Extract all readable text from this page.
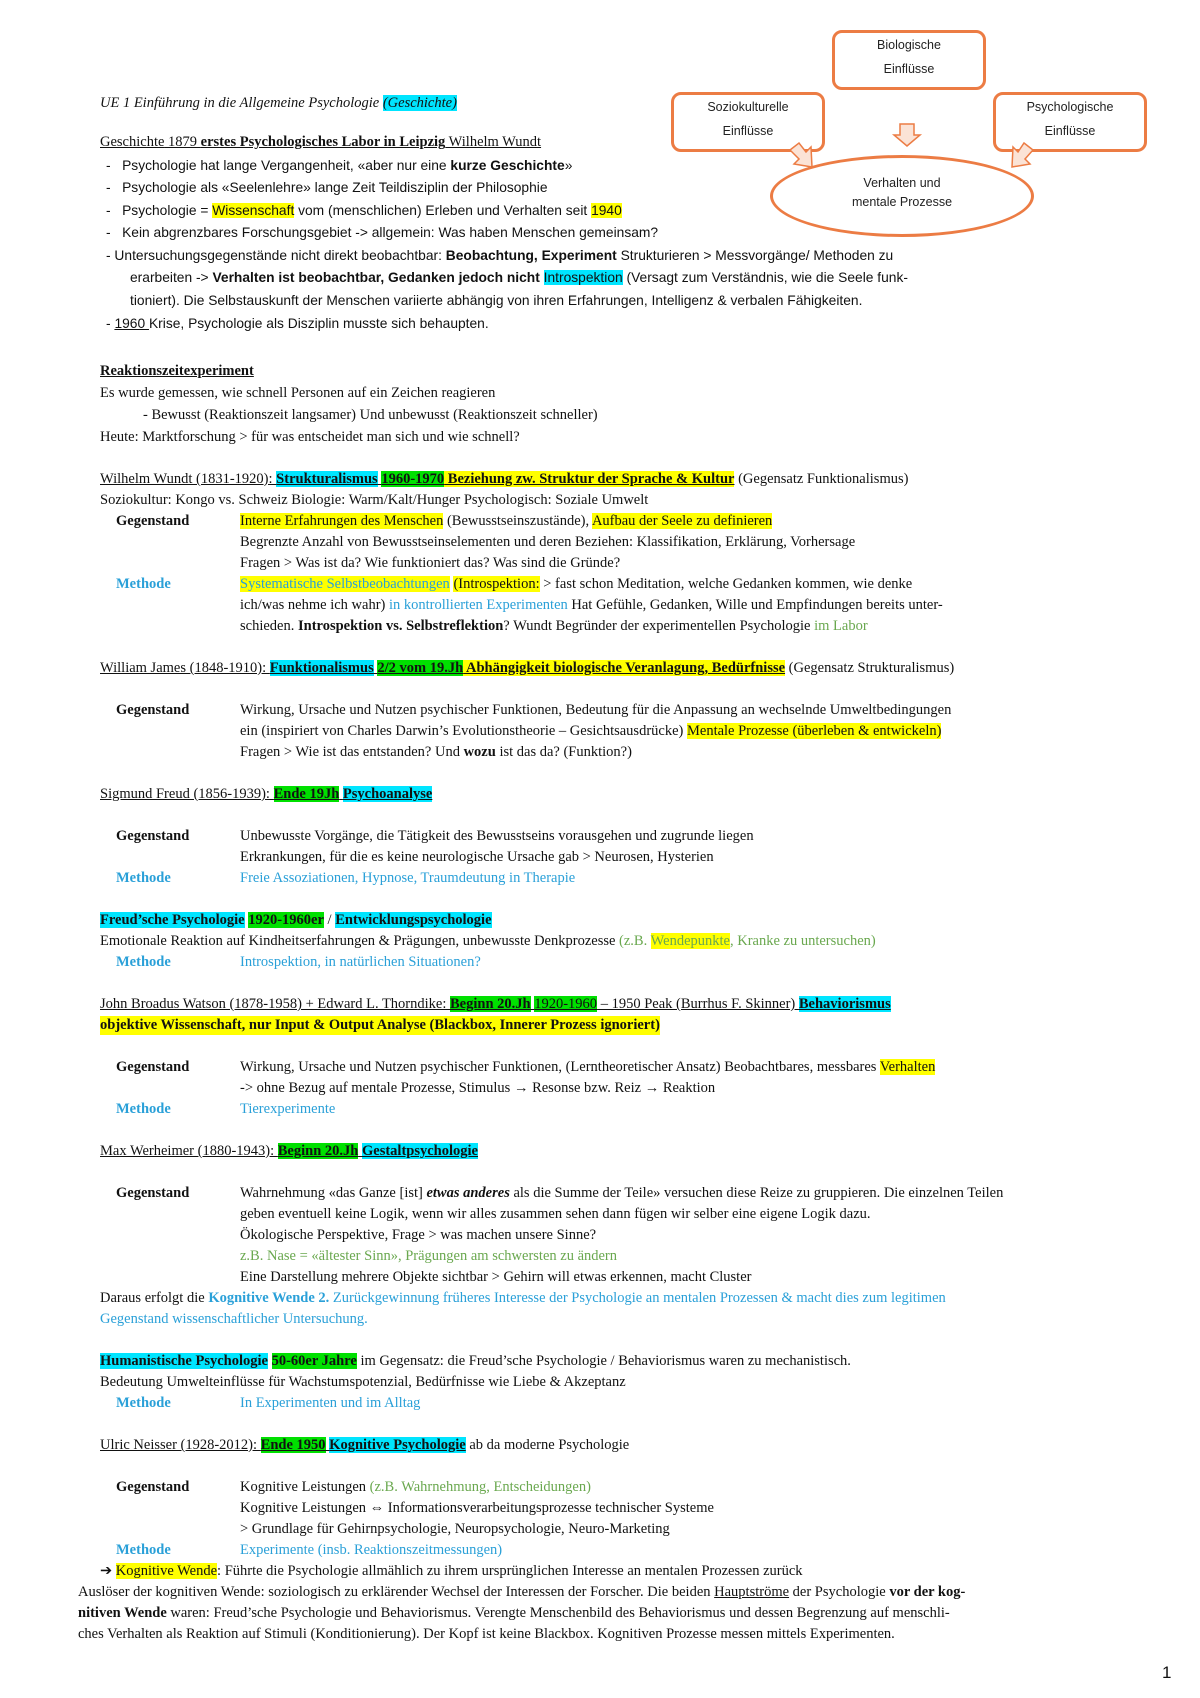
Biologische
Einflüsse
Soziokulturelle
Einflüsse
Psychologische
Einflüsse
Verhalten und
mentale Prozesse
UE 1 Einführung in die Allgemeine Psychologie (Geschichte)
Geschichte 1879 erstes Psychologisches Labor in Leipzig Wilhelm Wundt
-   Psychologie hat lange Vergangenheit, «aber nur eine kurze Geschichte»
-   Psychologie als «Seelenlehre» lange Zeit Teildisziplin der Philosophie
-   Psychologie = Wissenschaft vom (menschlichen) Erleben und Verhalten seit 1940
-   Kein abgrenzbares Forschungsgebiet -> allgemein: Was haben Menschen gemeinsam?
- Untersuchungsgegenstände nicht direkt beobachtbar: Beobachtung, Experiment Strukturieren > Messvorgänge/ Methoden zu
erarbeiten -> Verhalten ist beobachtbar, Gedanken jedoch nicht Introspektion (Versagt zum Verständnis, wie die Seele funk-
tioniert). Die Selbstauskunft der Menschen variierte abhängig von ihren Erfahrungen, Intelligenz & verbalen Fähigkeiten.
- 1960 Krise, Psychologie als Disziplin musste sich behaupten.
Reaktionszeitexperiment
Es wurde gemessen, wie schnell Personen auf ein Zeichen reagieren
- Bewusst (Reaktionszeit langsamer) Und unbewusst (Reaktionszeit schneller)
Heute: Marktforschung > für was entscheidet man sich und wie schnell?
Wilhelm Wundt (1831-1920): Strukturalismus 1960-1970 Beziehung zw. Struktur der Sprache & Kultur (Gegensatz Funktionalismus)
Soziokultur: Kongo vs. Schweiz Biologie: Warm/Kalt/Hunger Psychologisch: Soziale Umwelt
Gegenstand	Interne Erfahrungen des Menschen (Bewusstseinszustände), Aufbau der Seele zu definieren
Begrenzte Anzahl von Bewusstseinselementen und deren Beziehen: Klassifikation, Erklärung, Vorhersage
Fragen > Was ist da? Wie funktioniert das? Was sind die Gründe?
Methode	Systematische Selbstbeobachtungen (Introspektion: > fast schon Meditation, welche Gedanken kommen, wie denke
ich/was nehme ich wahr) in kontrollierten Experimenten Hat Gefühle, Gedanken, Wille und Empfindungen bereits unter-
schieden. Introspektion vs. Selbstreflektion? Wundt Begründer der experimentellen Psychologie im Labor
William James (1848-1910): Funktionalismus 2/2 vom 19.Jh Abhängigkeit biologische Veranlagung, Bedürfnisse (Gegensatz Strukturalismus)
Gegenstand	Wirkung, Ursache und Nutzen psychischer Funktionen, Bedeutung für die Anpassung an wechselnde Umweltbedingungen
ein (inspiriert von Charles Darwin’s Evolutionstheorie – Gesichtsausdrücke) Mentale Prozesse (überleben & entwickeln)
Fragen > Wie ist das entstanden? Und wozu ist das da? (Funktion?)
Sigmund Freud (1856-1939): Ende 19Jh Psychoanalyse
Gegenstand	Unbewusste Vorgänge, die Tätigkeit des Bewusstseins vorausgehen und zugrunde liegen
Erkrankungen, für die es keine neurologische Ursache gab > Neurosen, Hysterien
Methode	Freie Assoziationen, Hypnose, Traumdeutung in Therapie
Freud’sche Psychologie 1920-1960er / Entwicklungspsychologie
Emotionale Reaktion auf Kindheitserfahrungen & Prägungen, unbewusste Denkprozesse (z.B. Wendepunkte, Kranke zu untersuchen)
Methode	Introspektion, in natürlichen Situationen?
John Broadus Watson (1878-1958) + Edward L. Thorndike: Beginn 20.Jh 1920-1960 – 1950 Peak (Burrhus F. Skinner) Behaviorismus
objektive Wissenschaft, nur Input & Output Analyse (Blackbox, Innerer Prozess ignoriert)
Gegenstand	Wirkung, Ursache und Nutzen psychischer Funktionen, (Lerntheoretischer Ansatz) Beobachtbares, messbares Verhalten
-> ohne Bezug auf mentale Prozesse, Stimulus → Resonse bzw. Reiz → Reaktion
Methode	Tierexperimente
Max Werheimer (1880-1943): Beginn 20.Jh Gestaltpsychologie
Gegenstand	Wahrnehmung «das Ganze [ist] etwas anderes als die Summe der Teile» versuchen diese Reize zu gruppieren. Die einzelnen Teilen
geben eventuell keine Logik, wenn wir alles zusammen sehen dann fügen wir selber eine eigene Logik dazu.
Ökologische Perspektive, Frage > was machen unsere Sinne?
z.B. Nase = «ältester Sinn», Prägungen am schwersten zu ändern
Eine Darstellung mehrere Objekte sichtbar > Gehirn will etwas erkennen, macht Cluster
Daraus erfolgt die Kognitive Wende 2. Zurückgewinnung früheres Interesse der Psychologie an mentalen Prozessen & macht dies zum legitimen
Gegenstand wissenschaftlicher Untersuchung.
Humanistische Psychologie 50-60er Jahre im Gegensatz: die Freud’sche Psychologie / Behaviorismus waren zu mechanistisch.
Bedeutung Umwelteinflüsse für Wachstumspotenzial, Bedürfnisse wie Liebe & Akzeptanz
Methode	In Experimenten und im Alltag
Ulric Neisser (1928-2012): Ende 1950 Kognitive Psychologie ab da moderne Psychologie
Gegenstand	Kognitive Leistungen (z.B. Wahrnehmung, Entscheidungen)
Kognitive Leistungen ⇔ Informationsverarbeitungsprozesse technischer Systeme
> Grundlage für Gehirnpsychologie, Neuropsychologie, Neuro-Marketing
Methode	Experimente (insb. Reaktionszeitmessungen)
➔ Kognitive Wende: Führte die Psychologie allmählich zu ihrem ursprünglichen Interesse an mentalen Prozessen zurück
Auslöser der kognitiven Wende: soziologisch zu erklärender Wechsel der Interessen der Forscher. Die beiden Hauptströme der Psychologie vor der kog-
nitiven Wende waren: Freud’sche Psychologie und Behaviorismus. Verengte Menschenbild des Behaviorismus und dessen Begrenzung auf menschli-
ches Verhalten als Reaktion auf Stimuli (Konditionierung). Der Kopf ist keine Blackbox. Kognitiven Prozesse messen mittels Experimenten.
1
